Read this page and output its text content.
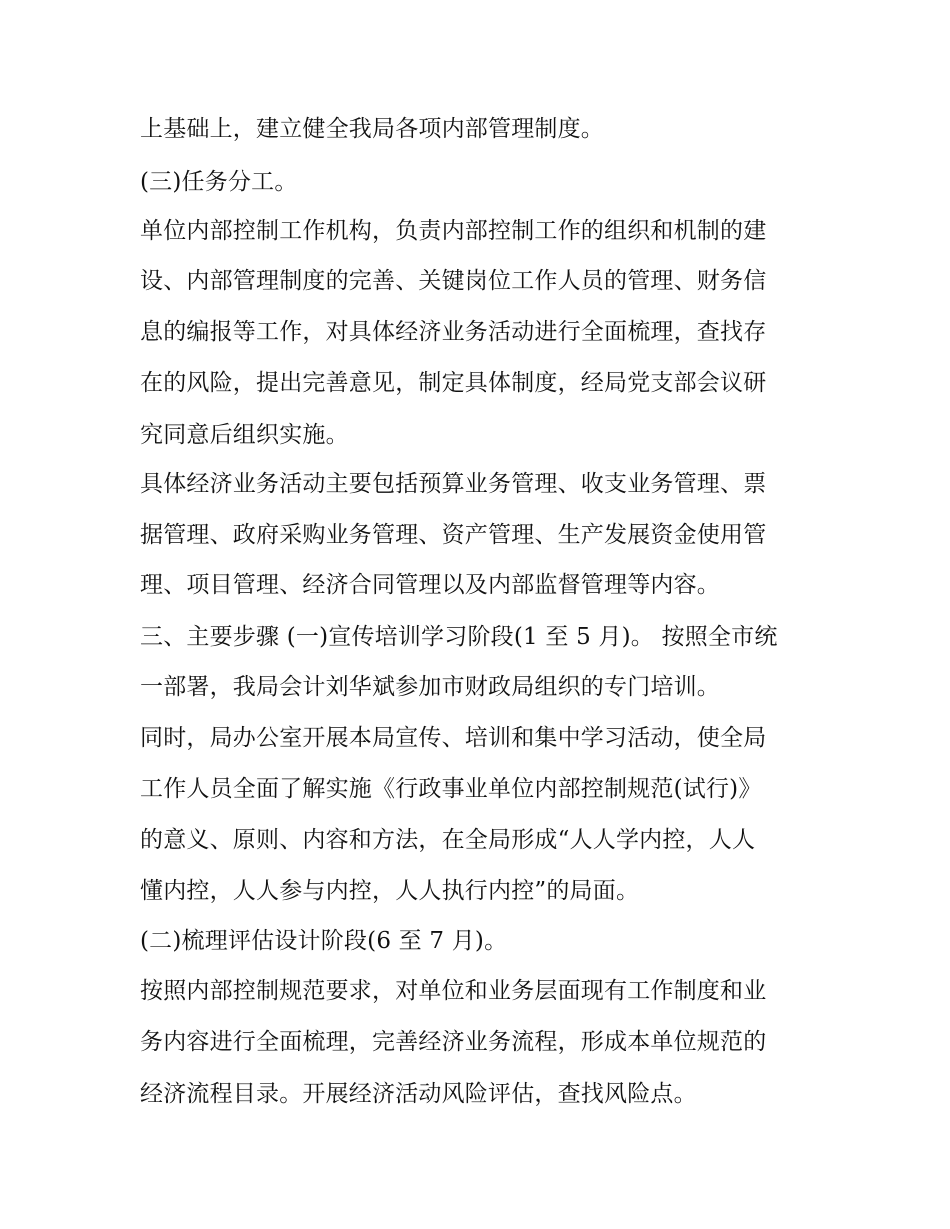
上基础上，建立健全我局各项内部管理制度。
(三)任务分工。
单位内部控制工作机构，负责内部控制工作的组织和机制的建
设、内部管理制度的完善、关键岗位工作人员的管理、财务信
息的编报等工作，对具体经济业务活动进行全面梳理，查找存
在的风险，提出完善意见，制定具体制度，经局党支部会议研
究同意后组织实施。
具体经济业务活动主要包括预算业务管理、收支业务管理、票
据管理、政府采购业务管理、资产管理、生产发展资金使用管
理、项目管理、经济合同管理以及内部监督管理等内容。
三、主要步骤 (一)宣传培训学习阶段(1 至 5 月)。 按照全市统
一部署，我局会计刘华斌参加市财政局组织的专门培训。
同时，局办公室开展本局宣传、培训和集中学习活动，使全局
工作人员全面了解实施《行政事业单位内部控制规范(试行)》
的意义、原则、内容和方法，在全局形成“人人学内控，人人
懂内控，人人参与内控，人人执行内控”的局面。
(二)梳理评估设计阶段(6 至 7 月)。
按照内部控制规范要求，对单位和业务层面现有工作制度和业
务内容进行全面梳理，完善经济业务流程，形成本单位规范的
经济流程目录。开展经济活动风险评估，查找风险点。
